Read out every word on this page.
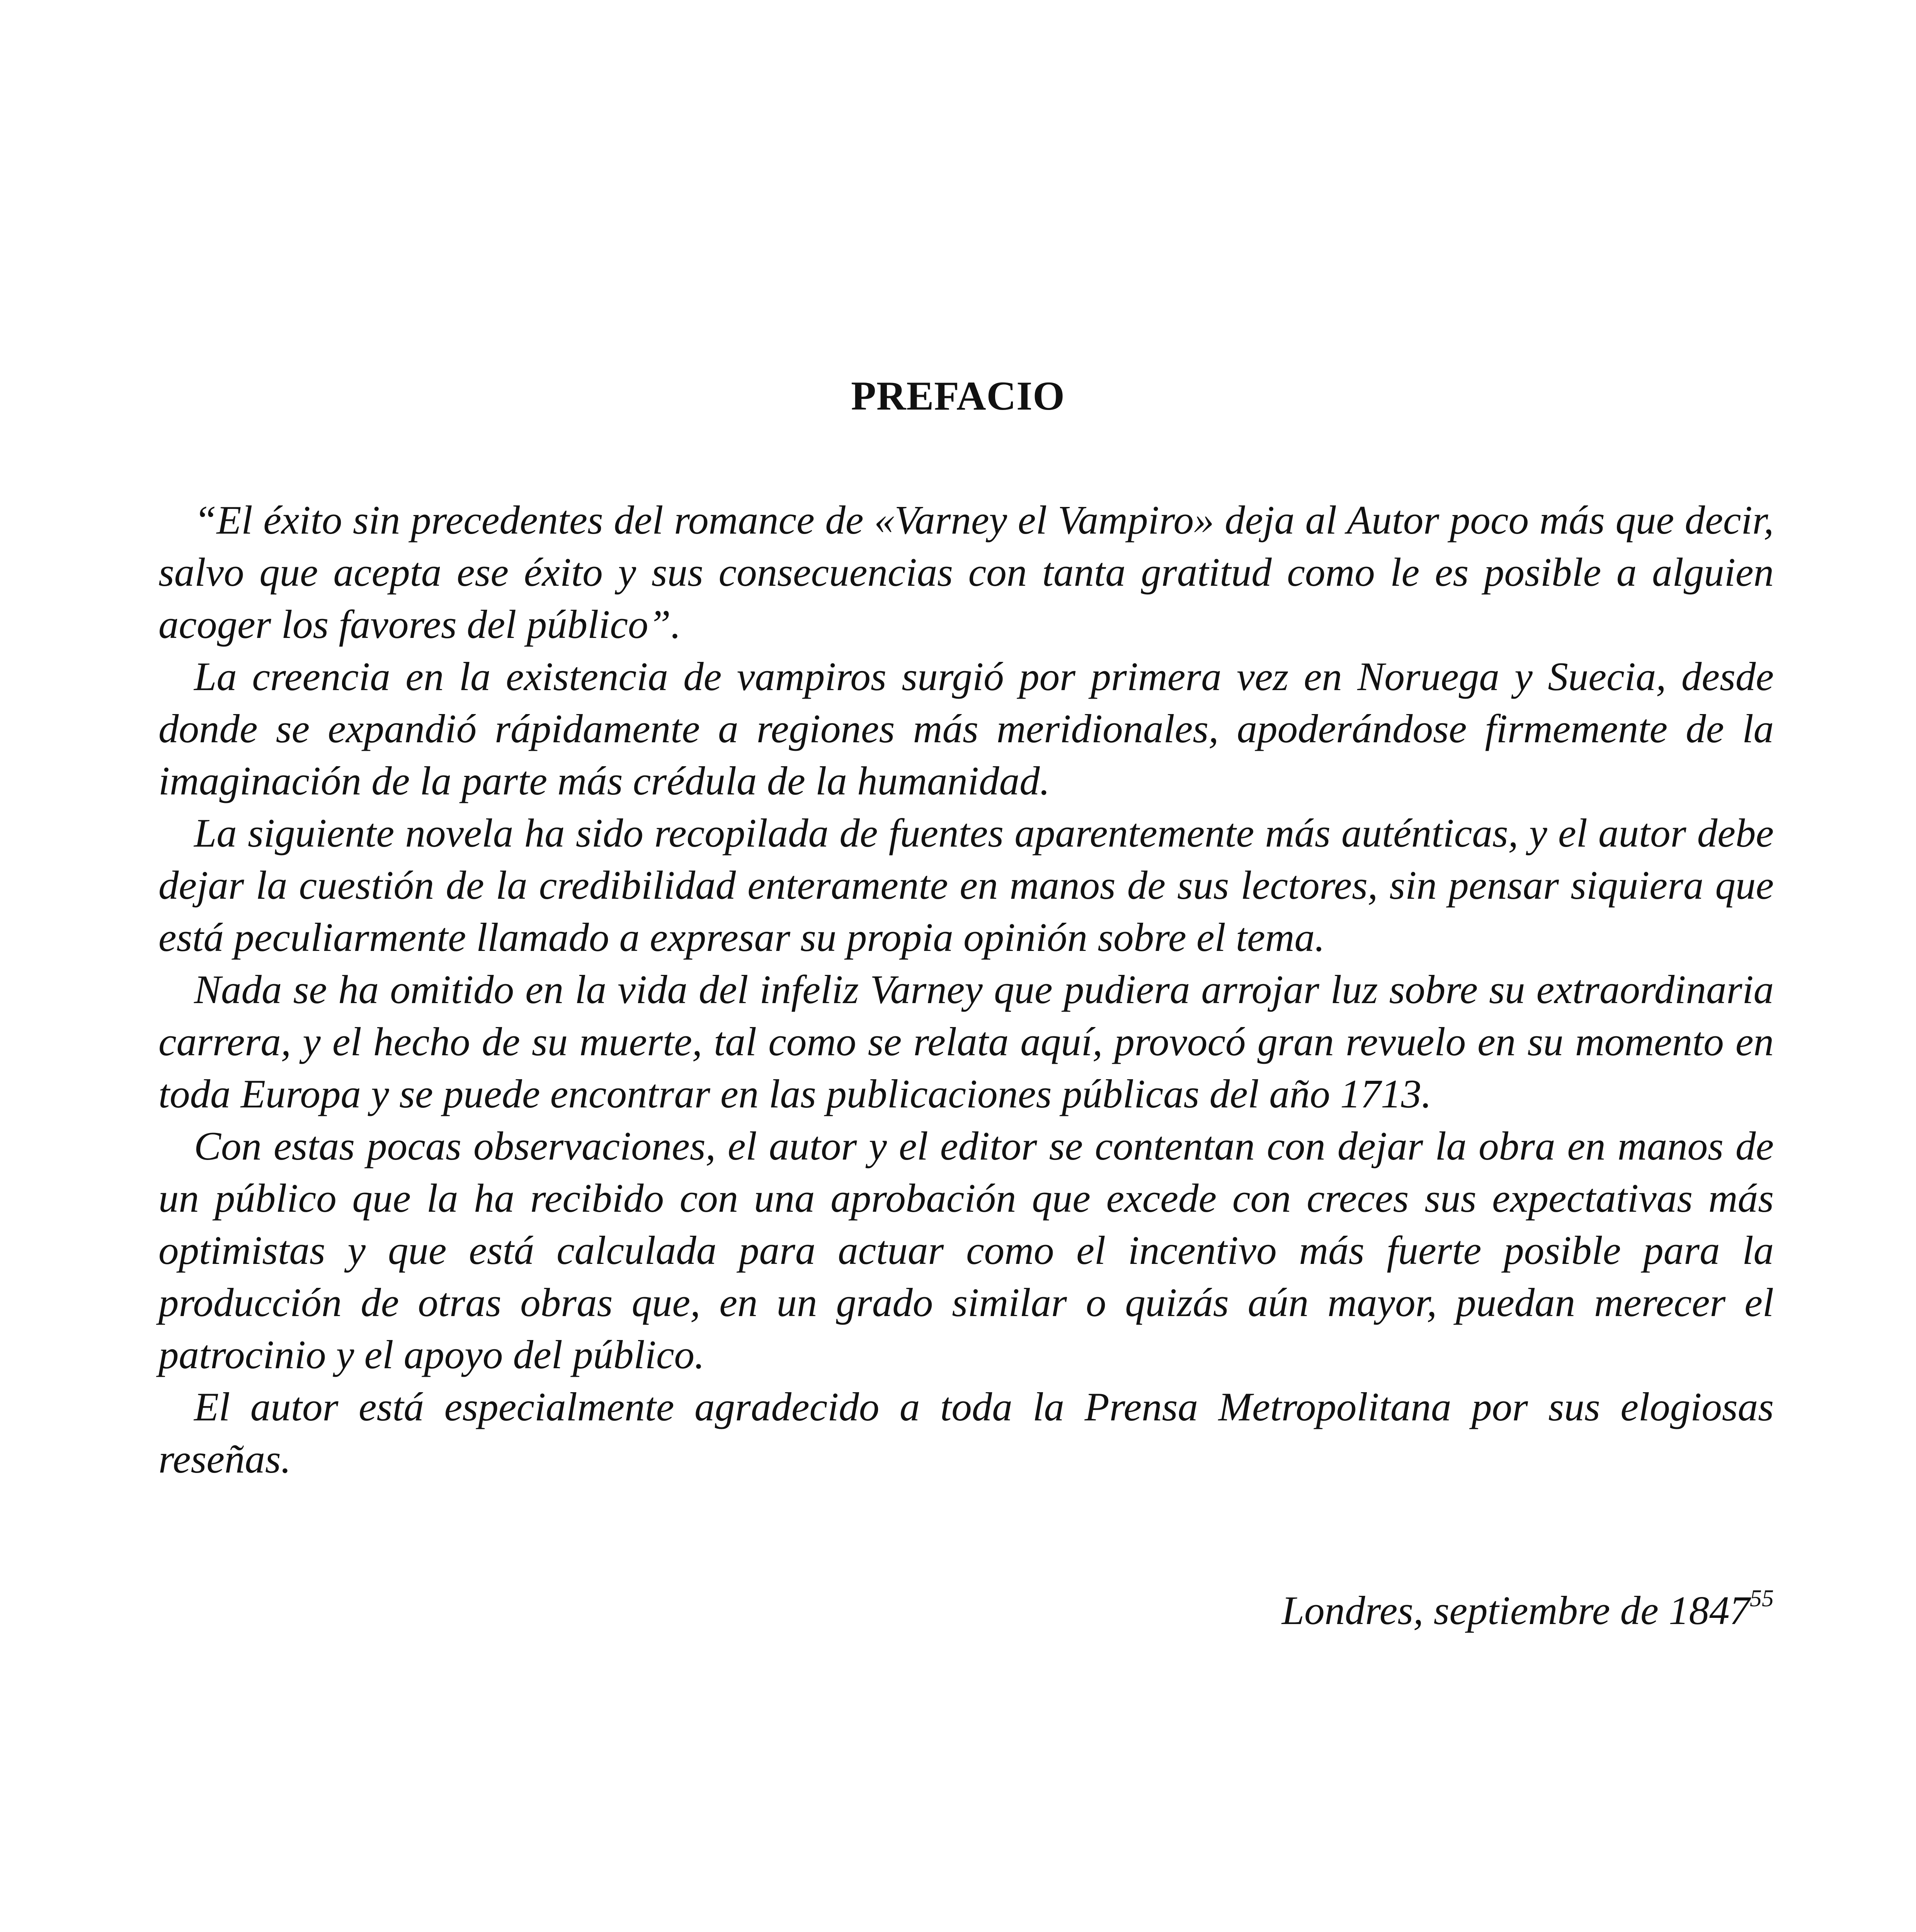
PREFACIO

“El éxito sin precedentes del romance de «Varney el Vampiro» deja al Autor poco más que decir, salvo que acepta ese éxito y sus consecuencias con tanta gratitud como le es posible a alguien acoger los favores del público”.

La creencia en la existencia de vampiros surgió por primera vez en Noruega y Suecia, desde donde se expandió rápidamente a regiones más meridionales, apoderándose firmemente de la imaginación de la parte más crédula de la humanidad.

La siguiente novela ha sido recopilada de fuentes aparentemente más auténticas, y el autor debe dejar la cuestión de la credibilidad enteramente en manos de sus lectores, sin pensar siquiera que está peculiarmente llamado a expresar su propia opinión sobre el tema.

Nada se ha omitido en la vida del infeliz Varney que pudiera arrojar luz sobre su extraordinaria carrera, y el hecho de su muerte, tal como se relata aquí, provocó gran revuelo en su momento en toda Europa y se puede encontrar en las publicaciones públicas del año 1713.

Con estas pocas observaciones, el autor y el editor se contentan con dejar la obra en manos de un público que la ha recibido con una aprobación que excede con creces sus expectativas más optimistas y que está calculada para actuar como el incentivo más fuerte posible para la producción de otras obras que, en un grado similar o quizás aún mayor, puedan merecer el patrocinio y el apoyo del público.

El autor está especialmente agradecido a toda la Prensa Metropolitana por sus elogiosas reseñas.

Londres, septiembre de 1847$^{55}$
